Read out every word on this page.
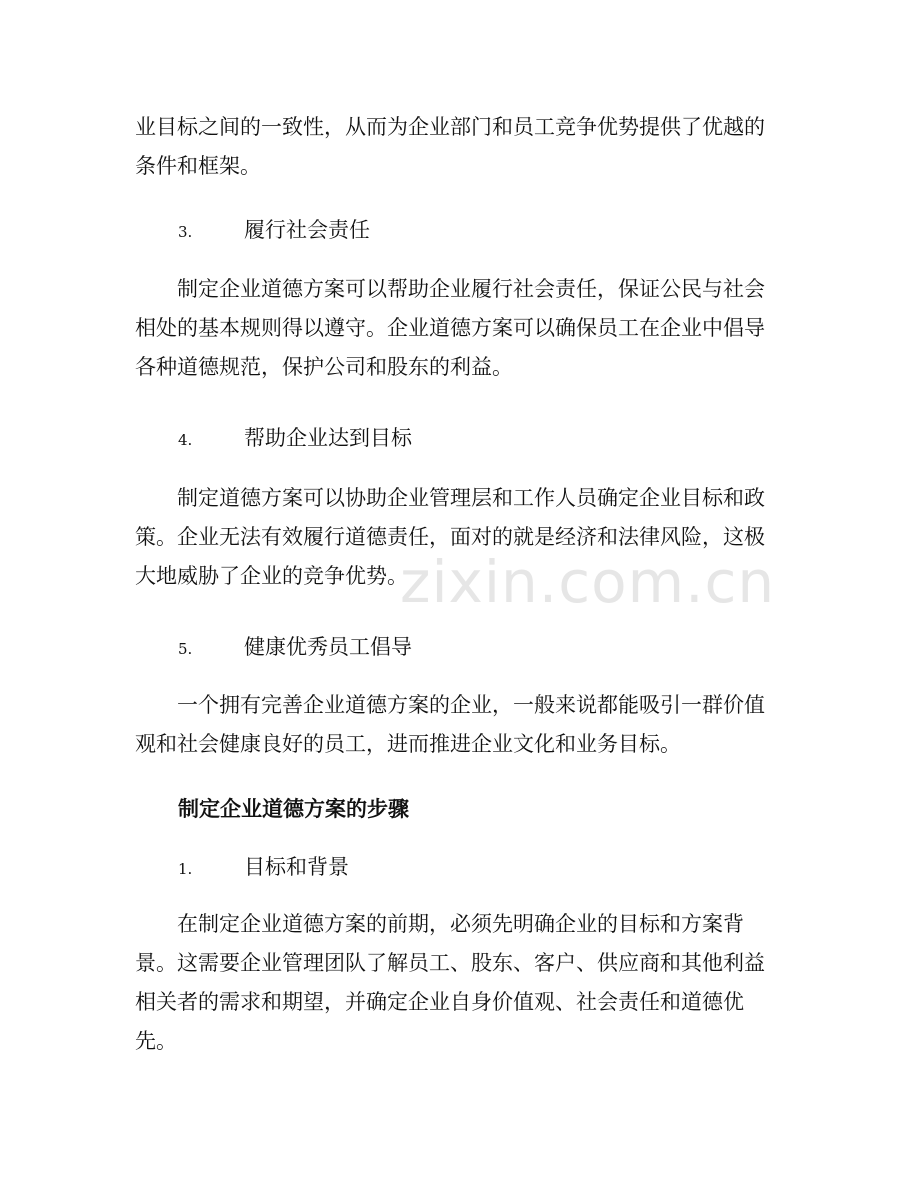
业目标之间的一致性，从而为企业部门和员工竞争优势提供了优越的条件和框架。

3. 履行社会责任

制定企业道德方案可以帮助企业履行社会责任，保证公民与社会相处的基本规则得以遵守。企业道德方案可以确保员工在企业中倡导各种道德规范，保护公司和股东的利益。

4. 帮助企业达到目标

制定道德方案可以协助企业管理层和工作人员确定企业目标和政策。企业无法有效履行道德责任，面对的就是经济和法律风险，这极大地威胁了企业的竞争优势。

5. 健康优秀员工倡导

一个拥有完善企业道德方案的企业，一般来说都能吸引一群价值观和社会健康良好的员工，进而推进企业文化和业务目标。

制定企业道德方案的步骤
1. 目标和背景

在制定企业道德方案的前期，必须先明确企业的目标和方案背景。这需要企业管理团队了解员工、股东、客户、供应商和其他利益相关者的需求和期望，并确定企业自身价值观、社会责任和道德优先。

zixin.com.cn
